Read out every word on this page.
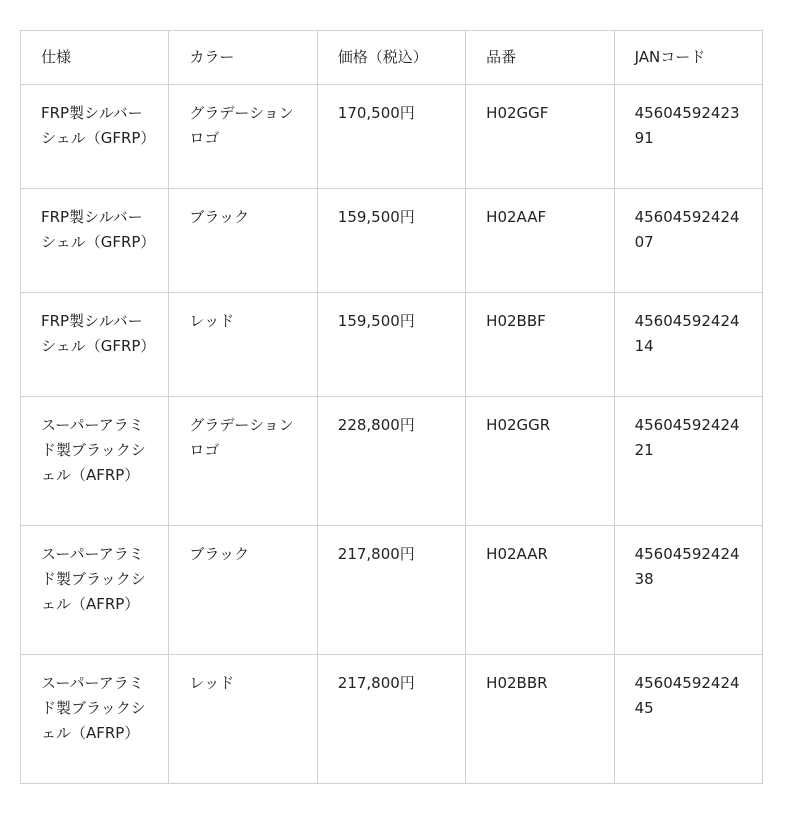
仕様	カラー	価格（税込）	品番	JANコード
FRP製シルバーシェル（GFRP）	グラデーションロゴ	170,500円	H02GGF	4560459242391
FRP製シルバーシェル（GFRP）	ブラック	159,500円	H02AAF	4560459242407
FRP製シルバーシェル（GFRP）	レッド	159,500円	H02BBF	4560459242414
スーパーアラミド製ブラックシェル（AFRP）	グラデーションロゴ	228,800円	H02GGR	4560459242421
スーパーアラミド製ブラックシェル（AFRP）	ブラック	217,800円	H02AAR	4560459242438
スーパーアラミド製ブラックシェル（AFRP）	レッド	217,800円	H02BBR	4560459242445
